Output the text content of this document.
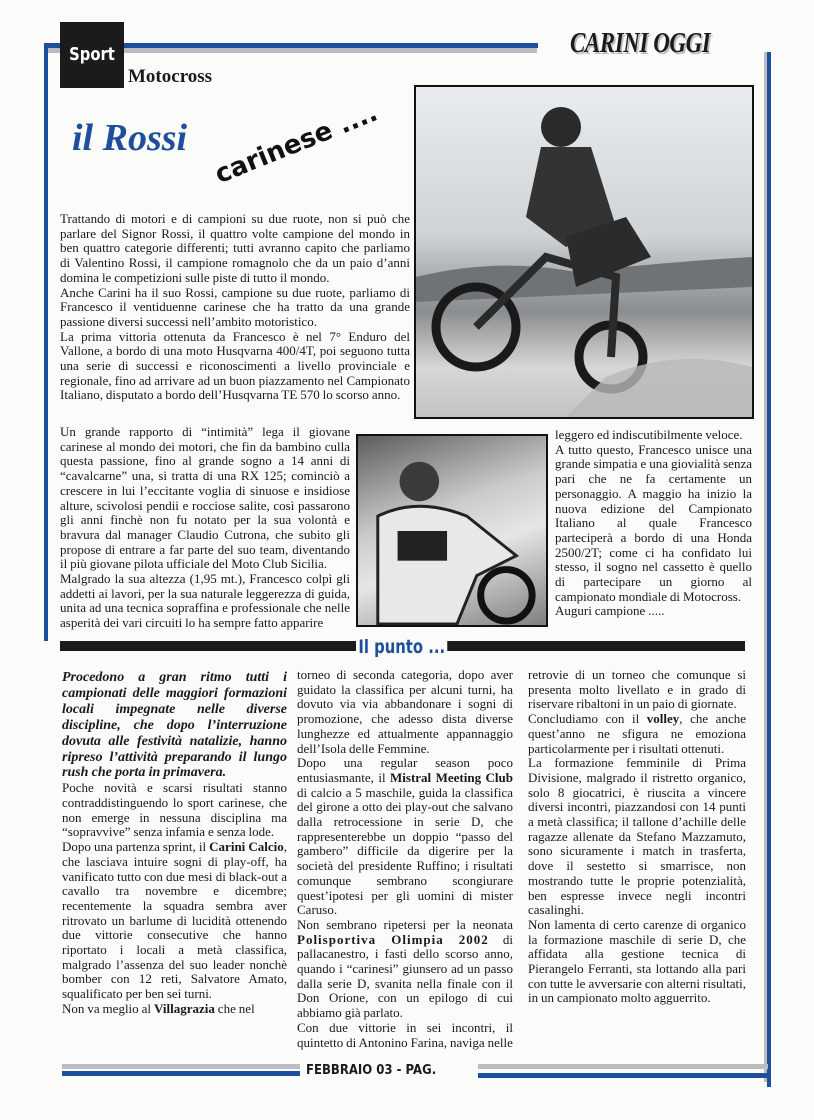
Sport
Motocross
CARINI OGGI
il Rossi carinese ....

Trattando di motori e di campioni su due ruote, non si può che parlare del Signor Rossi, il quattro volte campione del mondo in ben quattro categorie differenti; tutti avranno capito che parliamo di Valentino Rossi, il campione romagnolo che da un paio d’anni domina le competizioni sulle piste di tutto il mondo.

Anche Carini ha il suo Rossi, campione su due ruote, parliamo di Francesco il ventiduenne carinese che ha tratto da una grande passione diversi successi nell’ambito motoristico.

La prima vittoria ottenuta da Francesco è nel 7° Enduro del Vallone, a bordo di una moto Husqvarna 400/4T, poi seguono tutta una serie di successi e riconoscimenti a livello provinciale e regionale, fino ad arrivare ad un buon piazzamento nel Campionato Italiano, disputato a bordo dell’Husqvarna TE 570 lo scorso anno.

Un grande rapporto di “intimità” lega il giovane carinese al mondo dei motori, che fin da bambino culla questa passione, fino al grande sogno a 14 anni di “cavalcarne” una, si tratta di una RX 125; cominciò a crescere in lui l’eccitante voglia di sinuose e insidiose alture, scivolosi pendii e rocciose salite, così passarono gli anni finchè non fu notato per la sua volontà e bravura dal manager Claudio Cutrona, che subito gli propose di entrare a far parte del suo team, diventando il più giovane pilota ufficiale del Moto Club Sicilia.

Malgrado la sua altezza (1,95 mt.), Francesco colpì gli addetti ai lavori, per la sua naturale leggerezza di guida, unita ad una tecnica sopraffina e professionale che nelle asperità dei vari circuiti lo ha sempre fatto apparire

leggero ed indiscutibilmente veloce.

A tutto questo, Francesco unisce una grande simpatia e una giovialità senza pari che ne fa certamente un personaggio. A maggio ha inizio la nuova edizione del Campionato Italiano al quale Francesco parteciperà a bordo di una Honda 2500/2T; come ci ha confidato lui stesso, il sogno nel cassetto è quello di partecipare un giorno al campionato mondiale di Motocross.

Auguri campione .....

Il punto ...

Procedono a gran ritmo tutti i campionati delle maggiori formazioni locali impegnate nelle diverse discipline, che dopo l’interruzione dovuta alle festività natalizie, hanno ripreso l’attività preparando il lungo rush che porta in primavera.

Poche novità e scarsi risultati stanno contraddistinguendo lo sport carinese, che non emerge in nessuna disciplina ma “sopravvive” senza infamia e senza lode.

Dopo una partenza sprint, il Carini Calcio, che lasciava intuire sogni di play-off, ha vanificato tutto con due mesi di black-out a cavallo tra novembre e dicembre; recentemente la squadra sembra aver ritrovato un barlume di lucidità ottenendo due vittorie consecutive che hanno riportato i locali a metà classifica, malgrado l’assenza del suo leader nonchè bomber con 12 reti, Salvatore Amato, squalificato per ben sei turni.

Non va meglio al Villagrazia che nel

torneo di seconda categoria, dopo aver guidato la classifica per alcuni turni, ha dovuto via via abbandonare i sogni di promozione, che adesso dista diverse lunghezze ed attualmente appannaggio dell’Isola delle Femmine.

Dopo una regular season poco entusiasmante, il Mistral Meeting Club di calcio a 5 maschile, guida la classifica del girone a otto dei play-out che salvano dalla retrocessione in serie D, che rappresenterebbe un doppio “passo del gambero” difficile da digerire per la società del presidente Ruffino; i risultati comunque sembrano scongiurare quest’ipotesi per gli uomini di mister Caruso.

Non sembrano ripetersi per la neonata Polisportiva Olimpia 2002 di pallacanestro, i fasti dello scorso anno, quando i “carinesi” giunsero ad un passo dalla serie D, svanita nella finale con il Don Orione, con un epilogo di cui abbiamo già parlato.

Con due vittorie in sei incontri, il quintetto di Antonino Farina, naviga nelle

retrovie di un torneo che comunque si presenta molto livellato e in grado di riservare ribaltoni in un paio di giornate.

Concludiamo con il volley, che anche quest’anno ne sfigura ne emoziona particolarmente per i risultati ottenuti.

La formazione femminile di Prima Divisione, malgrado il ristretto organico, solo 8 giocatrici, è riuscita a vincere diversi incontri, piazzandosi con 14 punti a metà classifica; il tallone d’achille delle ragazze allenate da Stefano Mazzamuto, sono sicuramente i match in trasferta, dove il sestetto si smarrisce, non mostrando tutte le proprie potenzialità, ben espresse invece negli incontri casalinghi.

Non lamenta di certo carenze di organico la formazione maschile di serie D, che affidata alla gestione tecnica di Pierangelo Ferranti, sta lottando alla pari con tutte le avversarie con alterni risultati, in un campionato molto agguerrito.

FEBBRAIO 03 - PAG.
